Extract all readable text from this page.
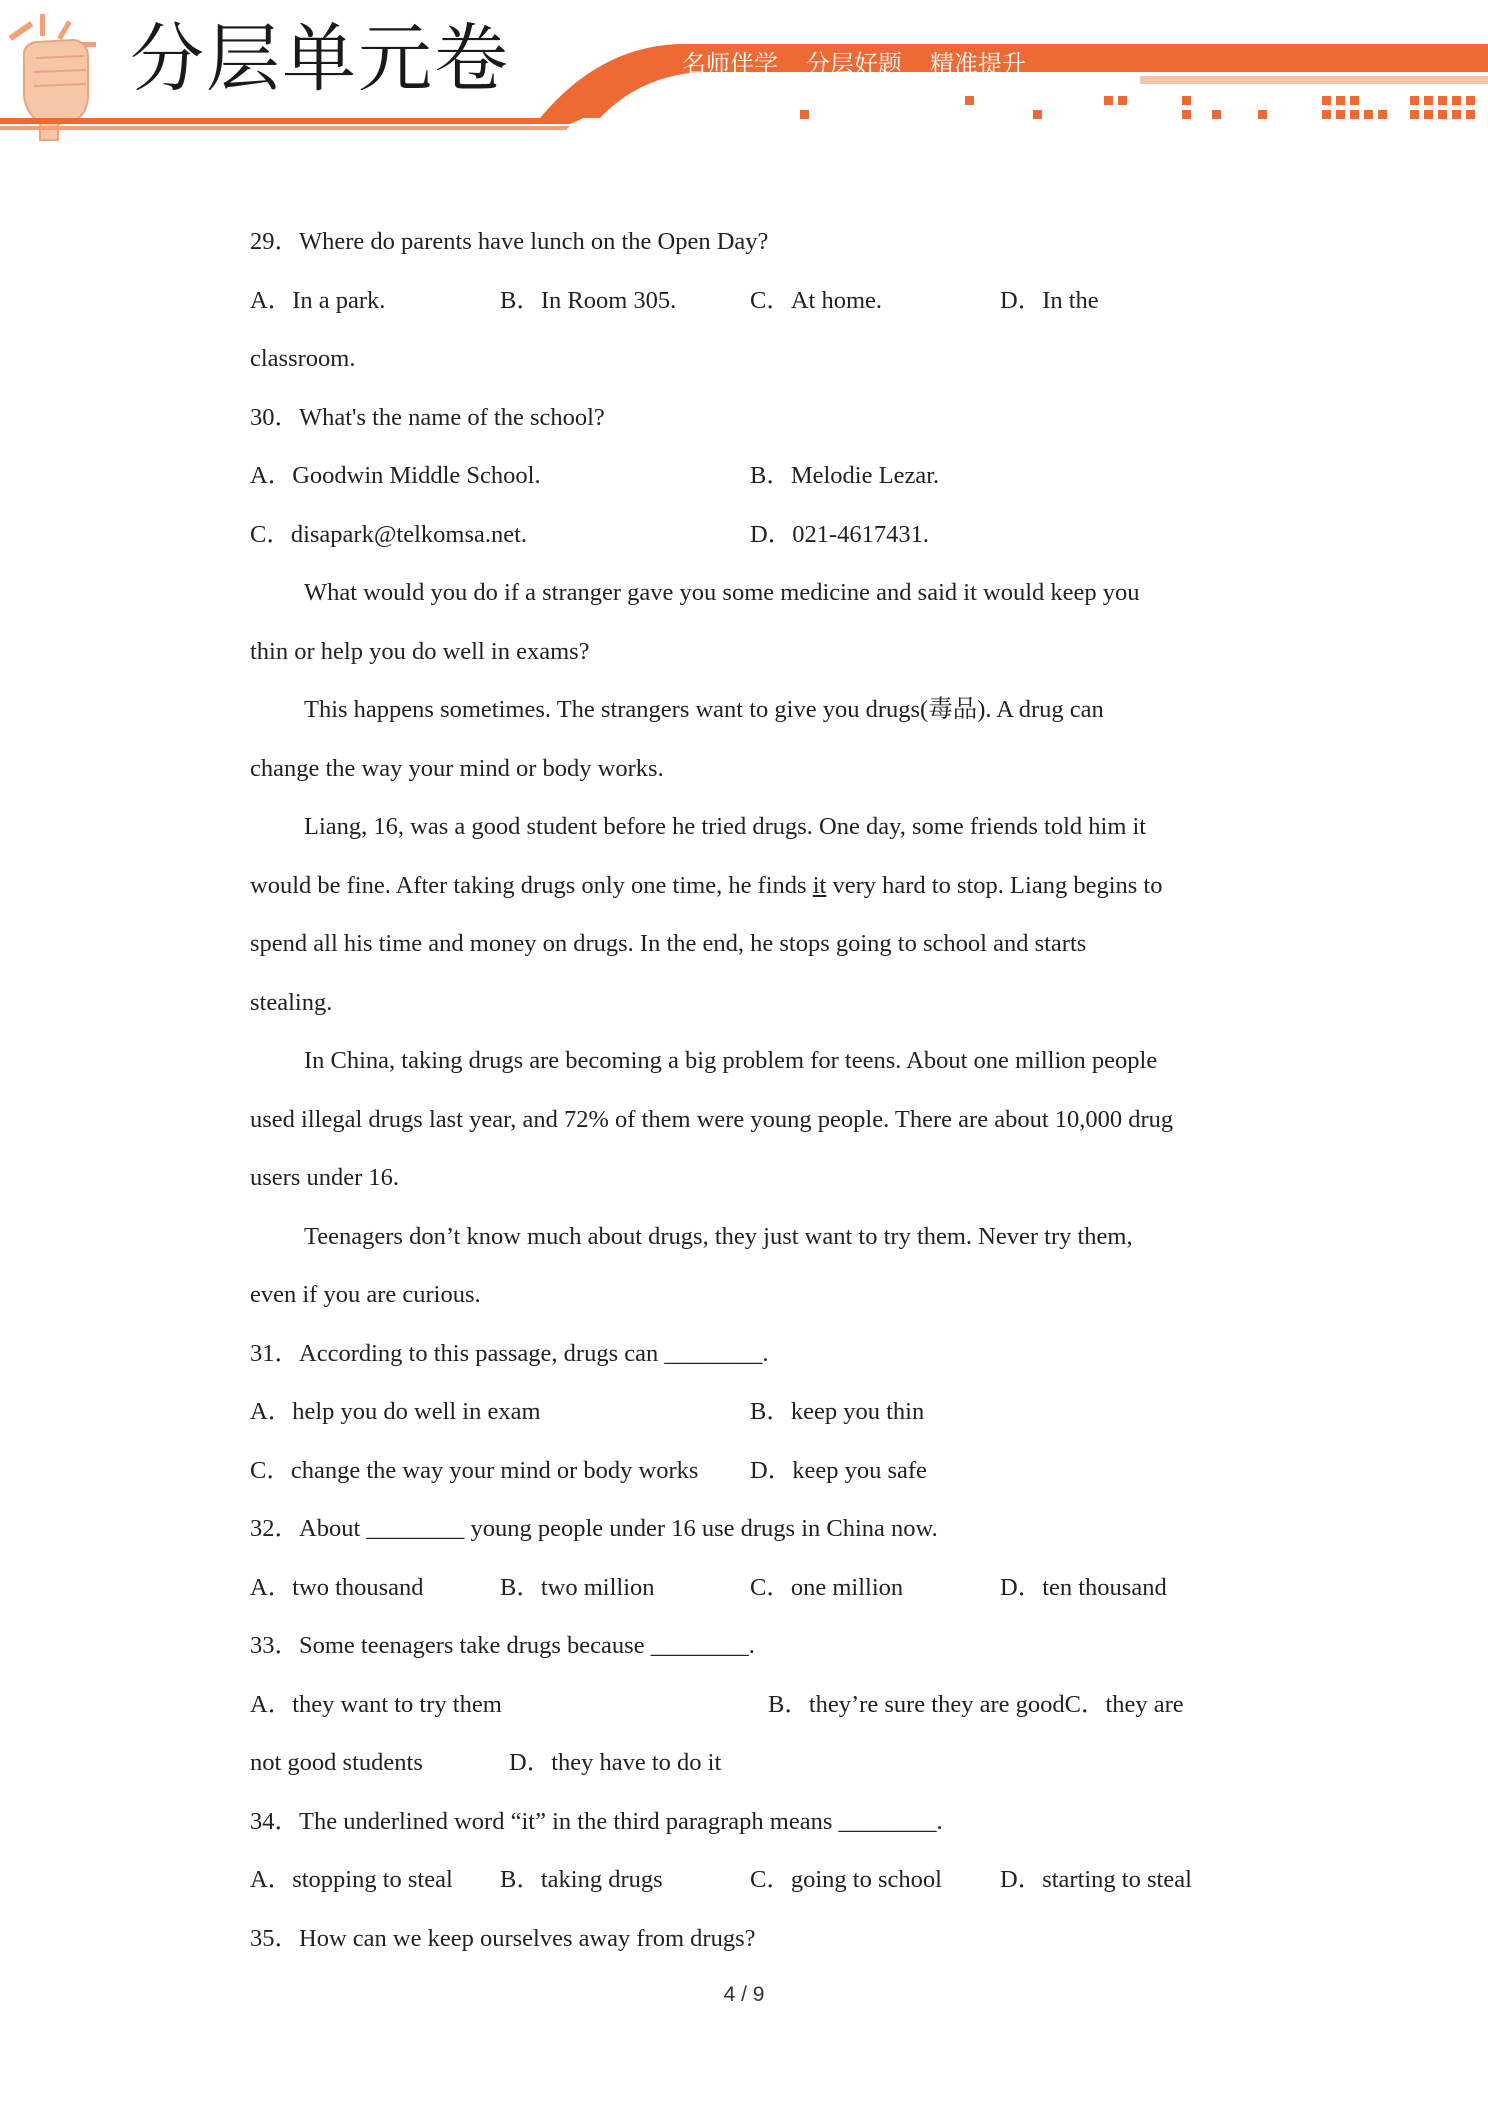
分层单元卷	名师伴学 分层好题 精准提升
29．Where do parents have lunch on the Open Day?
A．In a park.	B．In Room 305.	C．At home.	D．In the
classroom.
30．What's the name of the school?
A．Goodwin Middle School.	B．Melodie Lezar.
C．disapark@telkomsa.net.	D．021-4617431.
What would you do if a stranger gave you some medicine and said it would keep you
thin or help you do well in exams?
This happens sometimes. The strangers want to give you drugs(毒品). A drug can
change the way your mind or body works.
Liang, 16, was a good student before he tried drugs. One day, some friends told him it
would be fine. After taking drugs only one time, he finds it very hard to stop. Liang begins to
spend all his time and money on drugs. In the end, he stops going to school and starts
stealing.
In China, taking drugs are becoming a big problem for teens. About one million people
used illegal drugs last year, and 72% of them were young people. There are about 10,000 drug
users under 16.
Teenagers don’t know much about drugs, they just want to try them. Never try them,
even if you are curious.
31．According to this passage, drugs can ________.
A．help you do well in exam	B．keep you thin
C．change the way your mind or body works	D．keep you safe
32．About ________ young people under 16 use drugs in China now.
A．two thousand	B．two million	C．one million	D．ten thousand
33．Some teenagers take drugs because ________.
A．they want to try them	B．they’re sure they are goodC．they are
not good students	D．they have to do it
34．The underlined word “it” in the third paragraph means ________.
A．stopping to steal	B．taking drugs	C．going to school	D．starting to steal
35．How can we keep ourselves away from drugs?
4 / 9
